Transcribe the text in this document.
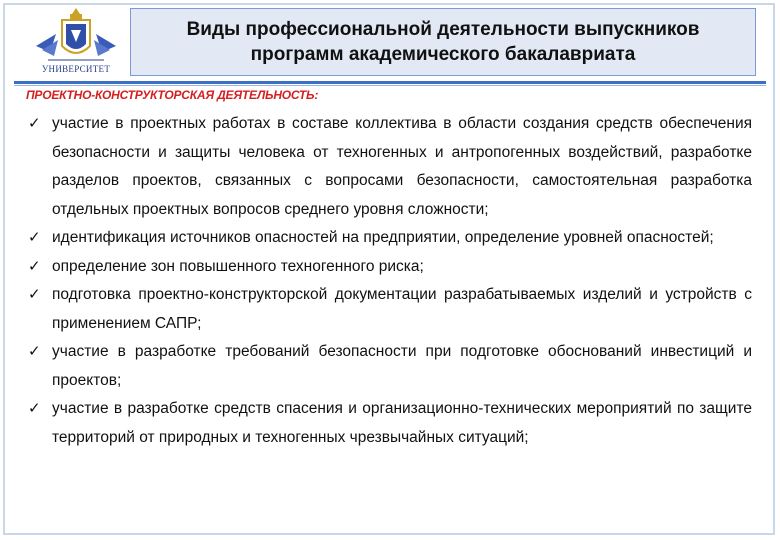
УНИВЕРСИТЕТ
Виды профессиональной деятельности выпускников
программ академического бакалавриата
ПРОЕКТНО-КОНСТРУКТОРСКАЯ ДЕЯТЕЛЬНОСТЬ:
✓ участие в проектных работах в составе коллектива в области создания средств обеспечения безопасности и защиты человека от техногенных и антропогенных воздействий, разработке разделов проектов, связанных с вопросами безопасности, самостоятельная разработка отдельных проектных вопросов среднего уровня сложности;
✓ идентификация источников опасностей на предприятии, определение уровней опасностей;
✓ определение зон повышенного техногенного риска;
✓ подготовка проектно-конструкторской документации разрабатываемых изделий и устройств с применением САПР;
✓ участие в разработке требований безопасности при подготовке обоснований инвестиций и проектов;
✓ участие в разработке средств спасения и организационно-технических мероприятий по защите территорий от природных и техногенных чрезвычайных ситуаций;
